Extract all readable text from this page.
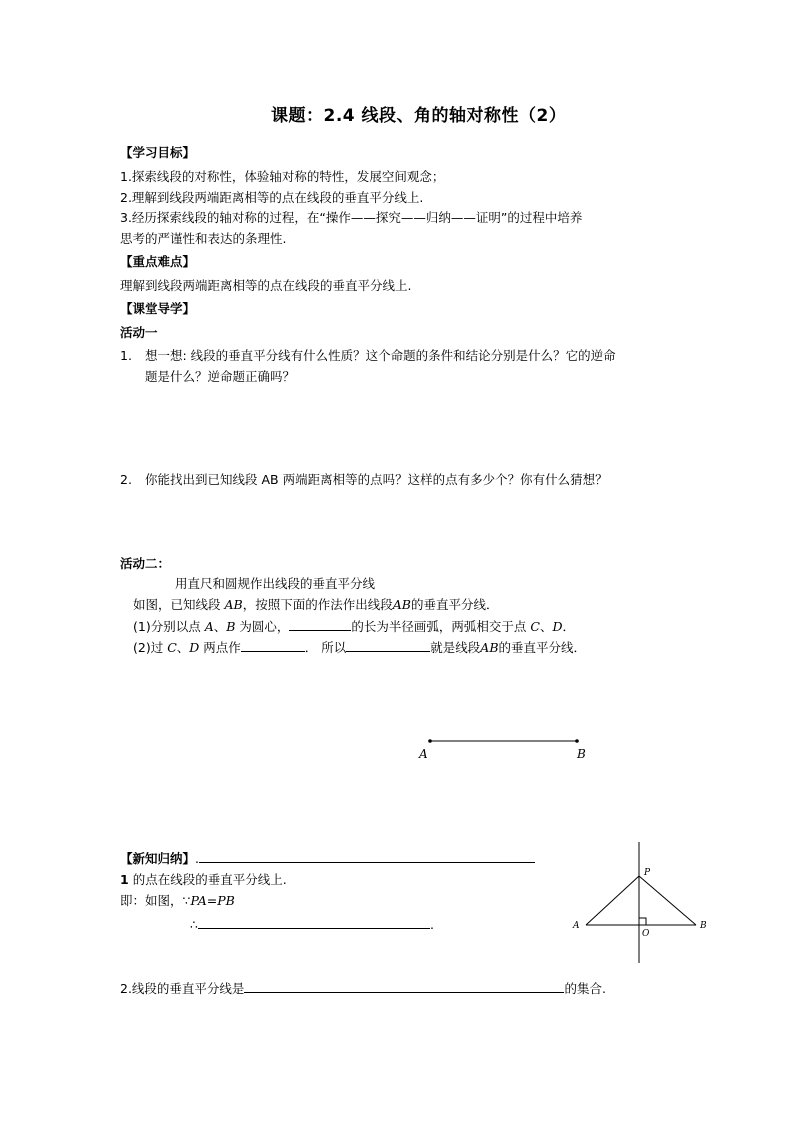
课题：2.4 线段、角的轴对称性（2）
【学习目标】
1.探索线段的对称性，体验轴对称的特性，发展空间观念；
2.理解到线段两端距离相等的点在线段的垂直平分线上.
3.经历探索线段的轴对称的过程，在“操作——探究——归纳——证明”的过程中培养
思考的严谨性和表达的条理性.
【重点难点】
理解到线段两端距离相等的点在线段的垂直平分线上.
【课堂导学】
活动一
1. 想一想: 线段的垂直平分线有什么性质？这个命题的条件和结论分别是什么？它的逆命
题是什么？逆命题正确吗？
2. 你能找出到已知线段 AB 两端距离相等的点吗？这样的点有多少个？你有什么猜想？
活动二：
用直尺和圆规作出线段的垂直平分线
如图，已知线段 AB，按照下面的作法作出线段AB的垂直平分线．
(1)分别以点 A、B 为圆心，	的长为半径画弧，两弧相交于点 C、D．
(2)过 C、D 两点作	． 所以	就是线段AB的垂直平分线．
A	B
【新知归纳】.
1 的点在线段的垂直平分线上.
即：如图，∵PA=PB
∴	.
2.线段的垂直平分线是	的集合.
P
A	B
O
